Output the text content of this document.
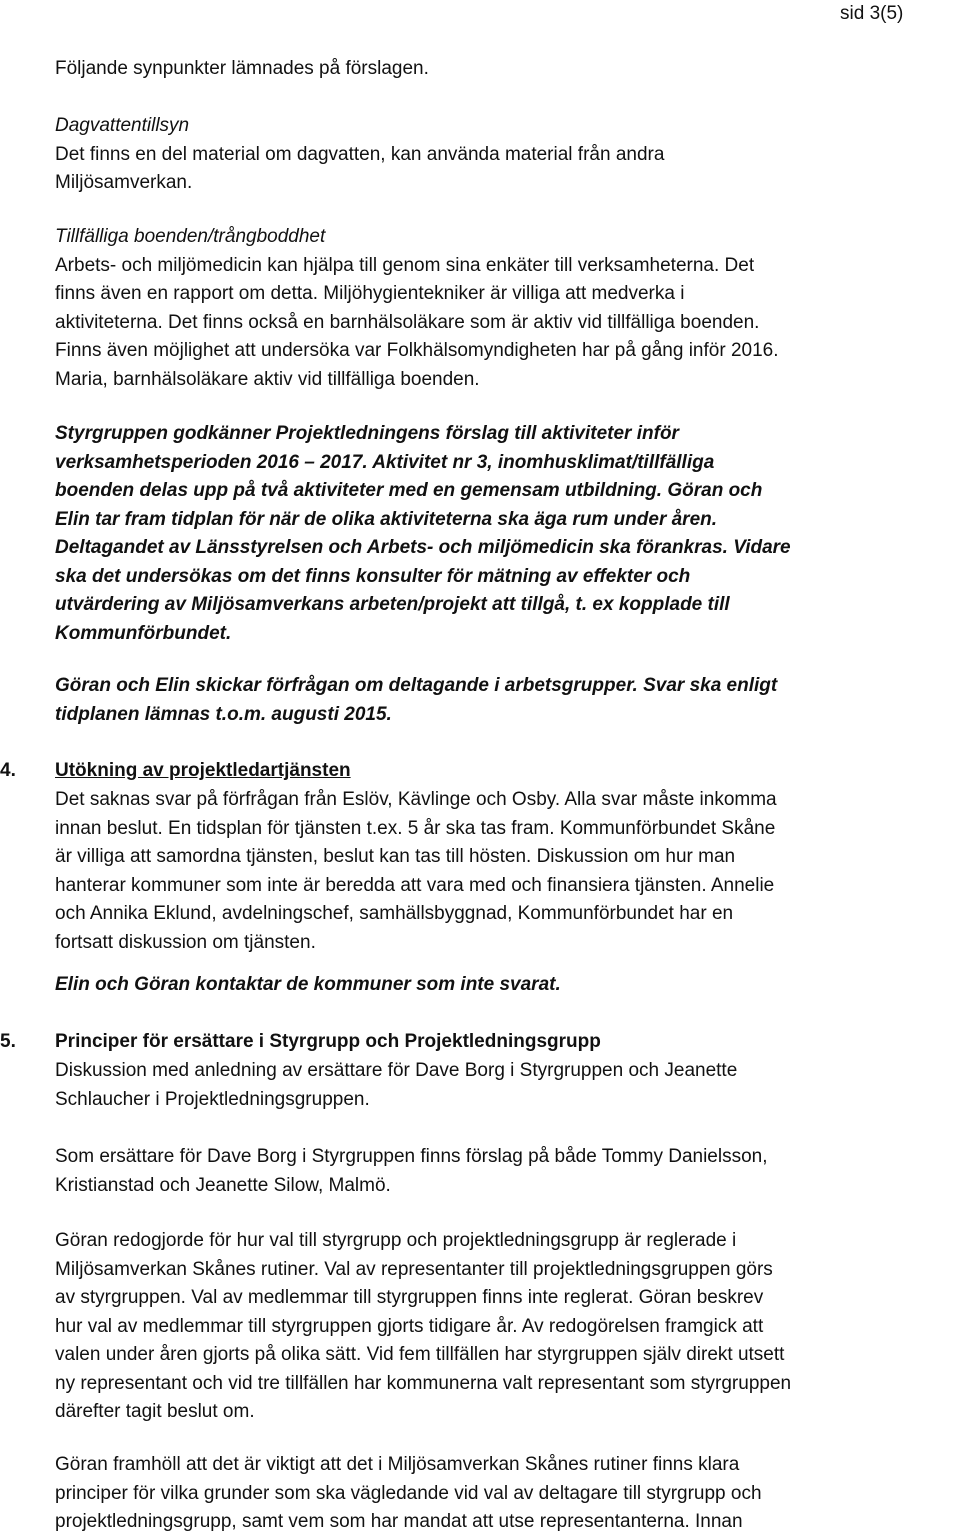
sid 3(5)

Följande synpunkter lämnades på förslagen.

Dagvattentillsyn
Det finns en del material om dagvatten, kan använda material från andra
Miljösamverkan.

Tillfälliga boenden/trångboddhet
Arbets- och miljömedicin kan hjälpa till genom sina enkäter till verksamheterna. Det
finns även en rapport om detta. Miljöhygientekniker är villiga att medverka i
aktiviteterna. Det finns också en barnhälsoläkare som är aktiv vid tillfälliga boenden.
Finns även möjlighet att undersöka var Folkhälsomyndigheten har på gång inför 2016.
Maria, barnhälsoläkare aktiv vid tillfälliga boenden.

Styrgruppen godkänner Projektledningens förslag till aktiviteter inför
verksamhetsperioden 2016 – 2017. Aktivitet nr 3, inomhusklimat/tillfälliga
boenden delas upp på två aktiviteter med en gemensam utbildning. Göran och
Elin tar fram tidplan för när de olika aktiviteterna ska äga rum under åren.
Deltagandet av Länsstyrelsen och Arbets- och miljömedicin ska förankras. Vidare
ska det undersökas om det finns konsulter för mätning av effekter och
utvärdering av Miljösamverkans arbeten/projekt att tillgå, t. ex kopplade till
Kommunförbundet.

Göran och Elin skickar förfrågan om deltagande i arbetsgrupper. Svar ska enligt
tidplanen lämnas t.o.m. augusti 2015.

4. Utökning av projektledartjänsten

Det saknas svar på förfrågan från Eslöv, Kävlinge och Osby. Alla svar måste inkomma
innan beslut. En tidsplan för tjänsten t.ex. 5 år ska tas fram. Kommunförbundet Skåne
är villiga att samordna tjänsten, beslut kan tas till hösten. Diskussion om hur man
hanterar kommuner som inte är beredda att vara med och finansiera tjänsten. Annelie
och Annika Eklund, avdelningschef, samhällsbyggnad, Kommunförbundet har en
fortsatt diskussion om tjänsten.

Elin och Göran kontaktar de kommuner som inte svarat.

5. Principer för ersättare i Styrgrupp och Projektledningsgrupp

Diskussion med anledning av ersättare för Dave Borg i Styrgruppen och Jeanette
Schlaucher i Projektledningsgruppen.

Som ersättare för Dave Borg i Styrgruppen finns förslag på både Tommy Danielsson,
Kristianstad och Jeanette Silow, Malmö.

Göran redogjorde för hur val till styrgrupp och projektledningsgrupp är reglerade i
Miljösamverkan Skånes rutiner. Val av representanter till projektledningsgruppen görs
av styrgruppen. Val av medlemmar till styrgruppen finns inte reglerat. Göran beskrev
hur val av medlemmar till styrgruppen gjorts tidigare år. Av redogörelsen framgick att
valen under åren gjorts på olika sätt. Vid fem tillfällen har styrgruppen själv direkt utsett
ny representant och vid tre tillfällen har kommunerna valt representant som styrgruppen
därefter tagit beslut om.

Göran framhöll att det är viktigt att det i Miljösamverkan Skånes rutiner finns klara
principer för vilka grunder som ska vägledande vid val av deltagare till styrgrupp och
projektledningsgrupp, samt vem som har mandat att utse representanterna. Innan
